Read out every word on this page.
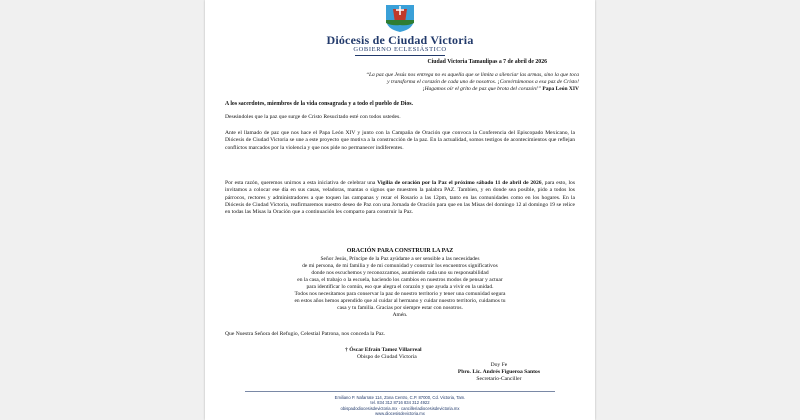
Diócesis de Ciudad Victoria
GOBIERNO ECLESIÁSTICO
Ciudad Victoria Tamaulipas a 7 de abril de 2026
“La paz que Jesús nos entrega no es aquella que se limita a silenciar las armas, sino la que toca
y transforma el corazón de cada uno de nosotros. ¡Convirtámonos a esa paz de Cristo!
¡Hagamos oír el grito de paz que brota del corazón!” Papa León XIV
A los sacerdotes, miembros de la vida consagrada y a todo el pueblo de Dios.
Deseándoles que la paz que surge de Cristo Resucitado esté con todos ustedes.
Ante el llamado de paz que nos hace el Papa León XIV y junto con la Campaña de Oración que convoca la Conferencia del Episcopado Mexicano, la Diócesis de Ciudad Victoria se une a este proyecto que motiva a la construcción de la paz. En la actualidad, somos testigos de acontecimientos que reflejan conflictos marcados por la violencia y que nos pide no permanecer indiferentes.
Por esta razón, queremos unirnos a esta iniciativa de celebrar una Vigilia de oración por la Paz el próximo sábado 11 de abril de 2026, para esto, los invitamos a colocar ese día en sus casas, veladoras, mantas o signos que muestren la palabra PAZ. Tambien, y en donde sea posible, pido a todos los párrocos, rectores y administradores a que toquen las campanas y rezar el Rosario a las 12pm, tanto en las comunidades como en los hogares. En la Diócesis de Ciudad Victoria, reafirmaremos nuestro deseo de Paz con una Jornada de Oración para que en las Misas del domingo 12 al domingo 19 se relice en todas las Misas la Oración que a continuación les comparto para construir la Paz.
ORACIÓN PARA CONSTRUIR LA PAZ
Señor Jesús, Príncipe de la Paz ayúdame a ser sensible a las necesidades
de mi persona, de mi familia y de mi comunidad y construir los encuentros significativos
donde nos escuchemos y reconozcamos, asumiendo cada uno su responsabilidad
en la casa, el trabajo o la escuela, haciendo los cambios en nuestros modos de pensar y actuar
para identificar lo común, eso que alegra el corazón y que ayuda a vivir en la unidad.
Todos nos necesitamos para conservar la paz de nuestro territorio y tener una comunidad segura
en estos años hemos aprendido que al cuidar al hermano y cuidar nuestro territorio, cuidamos tu
casa y tu familia. Gracias por siempre estar con nosotros.
Amén.
Que Nuestra Señora del Refugio, Celestial Patrona, nos conceda la Paz.
† Óscar Efraín Tamez Villarreal
Obispo de Ciudad Victoria
Doy Fe
Pbro. Lic. Andrés Figueroa Santos
Secretario-Canciller
Emiliano P. Nafarrate 114, Zona Centro, C.P. 87000, Cd. Victoria, Tam.
tel. 834 312 8716 834 312 4922
obispadodiocesisdevictoria.mx · cancilleriadiocesisdevictoria.mx
www.diocesisdevictoria.mx
